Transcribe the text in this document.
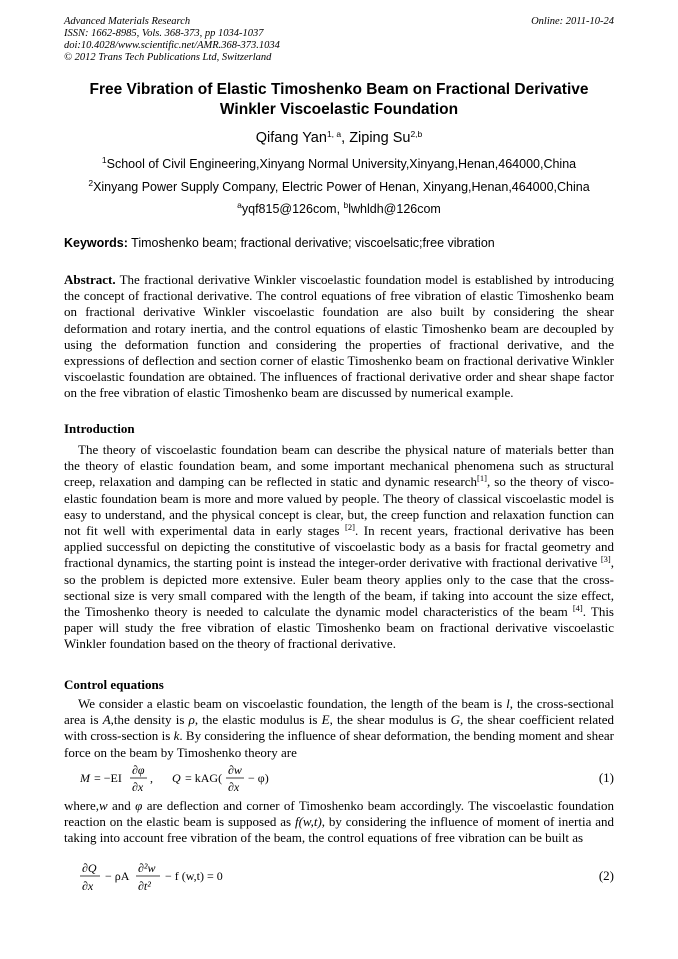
Advanced Materials Research
ISSN: 1662-8985, Vols. 368-373, pp 1034-1037
doi:10.4028/www.scientific.net/AMR.368-373.1034
© 2012 Trans Tech Publications Ltd, Switzerland
Online: 2011-10-24
Free Vibration of Elastic Timoshenko Beam on Fractional Derivative
Winkler Viscoelastic Foundation
Qifang Yan$^{1, a}$, Ziping Su$^{2,b}$
$^1$School of Civil Engineering,Xinyang Normal University,Xinyang,Henan,464000,China
$^2$Xinyang Power Supply Company, Electric Power of Henan, Xinyang,Henan,464000,China
$^a$yqf815@126com, $^b$lwhldh@126com
Keywords: Timoshenko beam; fractional derivative; viscoelsatic;free vibration
Abstract. The fractional derivative Winkler viscoelastic foundation model is established by introducing the concept of fractional derivative. The control equations of free vibration of elastic Timoshenko beam on fractional derivative Winkler viscoelastic foundation are also built by considering the shear deformation and rotary inertia, and the control equations of elastic Timoshenko beam are decoupled by using the deformation function and considering the properties of fractional derivative, and the expressions of deflection and section corner of elastic Timoshenko beam on fractional derivative Winkler viscoelastic foundation are obtained. The influences of fractional derivative order and shear shape factor on the free vibration of elastic Timoshenko beam are discussed by numerical example.
Introduction

The theory of viscoelastic foundation beam can describe the physical nature of materials better than the theory of elastic foundation beam, and some important mechanical phenomena such as structural creep, relaxation and damping can be reflected in static and dynamic research[1], so the theory of visco- elastic foundation beam is more and more valued by people. The theory of classical viscoelastic model is easy to understand, and the physical concept is clear, but, the creep function and relaxation function can not fit well with experimental data in early stages [2]. In recent years, fractional derivative has been applied successful on depicting the constitutive of viscoelastic body as a basis for fractal geometry and fractional dynamics, the starting point is instead the integer-order derivative with fractional derivative [3], so the problem is depicted more extensive. Euler beam theory applies only to the case that the cross- sectional size is very small compared with the length of the beam, if taking into account the size effect, the Timoshenko theory is needed to calculate the dynamic model characteristics of the beam [4]. This paper will study the free vibration of elastic Timoshenko beam on fractional derivative viscoelastic Winkler foundation based on the theory of fractional derivative.

Control equations

We consider a elastic beam on viscoelastic foundation, the length of the beam is l, the cross-sectional area is A,the density is ρ, the elastic modulus is E, the shear modulus is G, the shear coefficient related with cross-section is k. By considering the influence of shear deformation, the bending moment and shear force on the beam by Timoshenko theory are

M = −EI
∂φ
∂x
, Q = kAG(
∂w
∂x
− φ)	(1)
where,w and φ are deflection and corner of Timoshenko beam accordingly. The viscoelastic foundation reaction on the elastic beam is supposed as f(w,t), by considering the influence of moment of inertia and taking into account free vibration of the beam, the control equations of free vibration can be built as
∂Q
∂x
− ρA
∂²w
∂t²
− f (w,t) = 0	(2)
